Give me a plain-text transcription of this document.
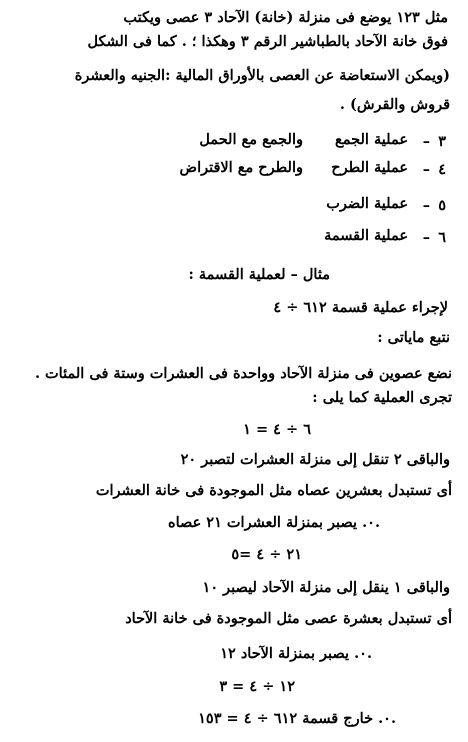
مثل ١٢٣ يوضع فى منزلة (خانة) الآحاد ٣ عصى ويكتب
فوق خانة الآحاد بالطباشير الرقم ٣ وهكذا ؛ . كما فى الشكل
(ويمكن الاستعاضة عن العصى بالأوراق المالية :الجنيه والعشرة
قروش والقرش) .
٣
–
عملية الجمع
والجمع مع الحمل
٤
–
عملية الطرح
والطرح مع الاقتراض
٥
–
عملية الضرب
٦
–
عملية القسمة
مثال – لعملية القسمة :
لإجراء عملية قسمة ٦١٢ ÷ ٤
نتبع ماياتى :
نضع عصوين فى منزلة الآحاد وواحدة فى العشرات وستة فى المئات .
تجرى العملية كما يلى :
٦ ÷ ٤ = ١
والباقى ٢ تنقل إلى منزلة العشرات لتصبر ٢٠
أى تستبدل بعشرين عصاه مثل الموجودة فى خانة العشرات
.٠. يصبر بمنزلة العشرات ٢١ عصاه
٢١ ÷ ٤ =٥
والباقى ١ ينقل إلى منزلة الآحاد ليصبر ١٠
أى تستبدل بعشرة عصى مثل الموجودة فى خانة الآحاد
.٠. يصبر بمنزلة الآحاد ١٢
١٢ ÷ ٤ = ٣
.٠. خارج قسمة ٦١٢ ÷ ٤ = ١٥٣
